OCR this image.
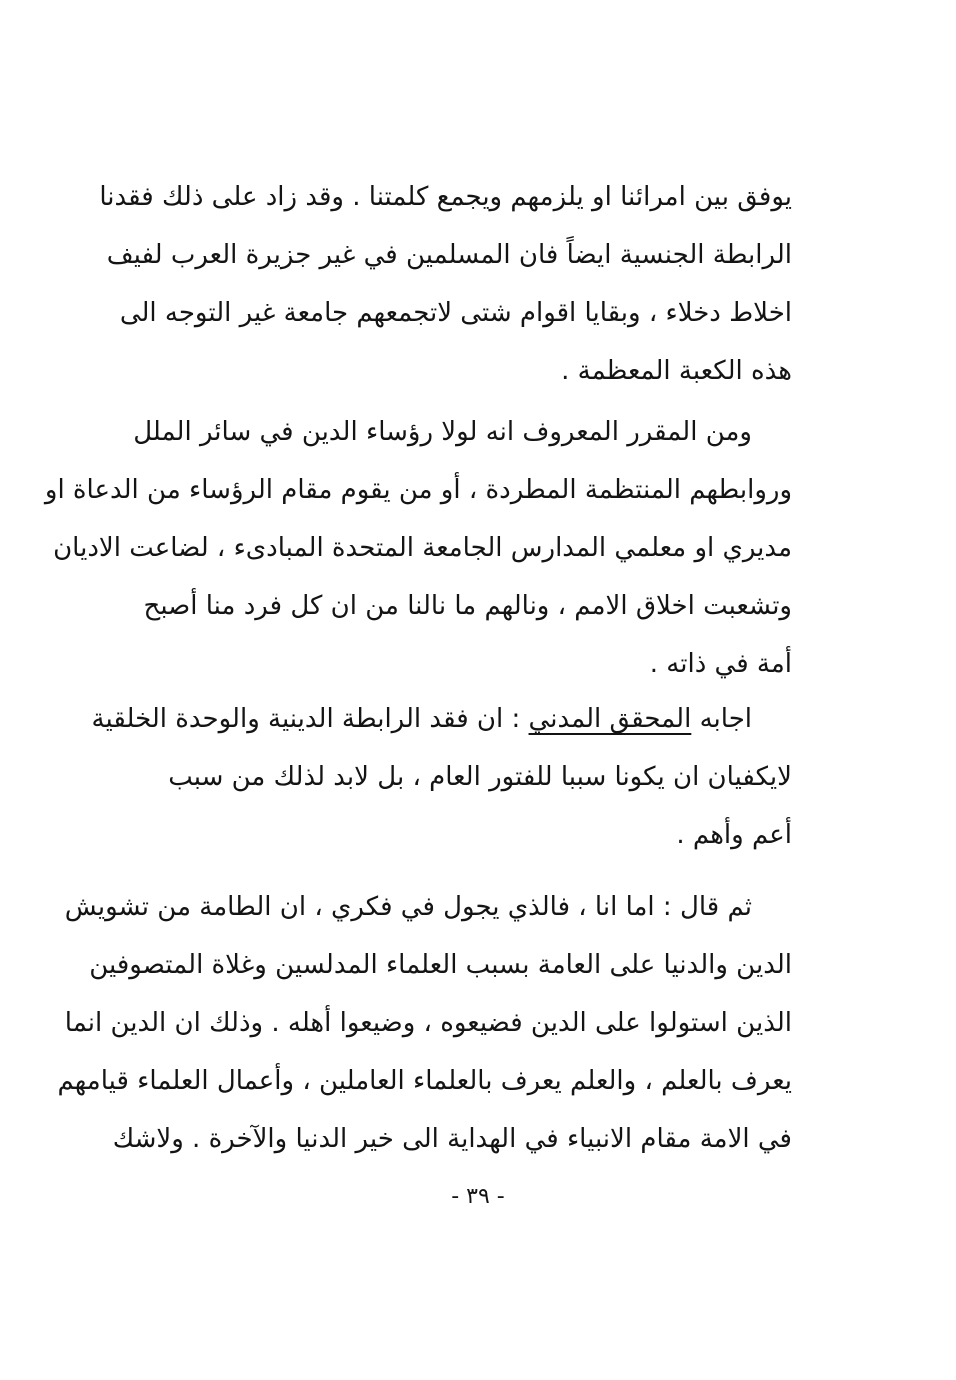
يوفق بين امرائنا او يلزمهم ويجمع كلمتنا . وقد زاد على ذلك فقدنا
الرابطة الجنسية ايضاً فان المسلمين في غير جزيرة العرب لفيف
اخلاط دخلاء ، وبقايا اقوام شتى لاتجمعهم جامعة غير التوجه الى
هذه الكعبة المعظمة .
ومن المقرر المعروف انه لولا رؤساء الدين في سائر الملل
وروابطهم المنتظمة المطردة ، أو من يقوم مقام الرؤساء من الدعاة او
مديري او معلمي المدارس الجامعة المتحدة المبادىء ، لضاعت الاديان
وتشعبت اخلاق الامم ، ونالهم ما نالنا من ان كل فرد منا أصبح
أمة في ذاته .
اجابه المحقق المدني : ان فقد الرابطة الدينية والوحدة الخلقية
لايكفيان ان يكونا سببا للفتور العام ، بل لابد لذلك من سبب
أعم وأهم .
ثم قال : اما انا ، فالذي يجول في فكري ، ان الطامة من تشويش
الدين والدنيا على العامة بسبب العلماء المدلسين وغلاة المتصوفين
الذين استولوا على الدين فضيعوه ، وضيعوا أهله . وذلك ان الدين انما
يعرف بالعلم ، والعلم يعرف بالعلماء العاملين ، وأعمال العلماء قيامهم
في الامة مقام الانبياء في الهداية الى خير الدنيا والآخرة . ولاشك
- ٣٩ -
